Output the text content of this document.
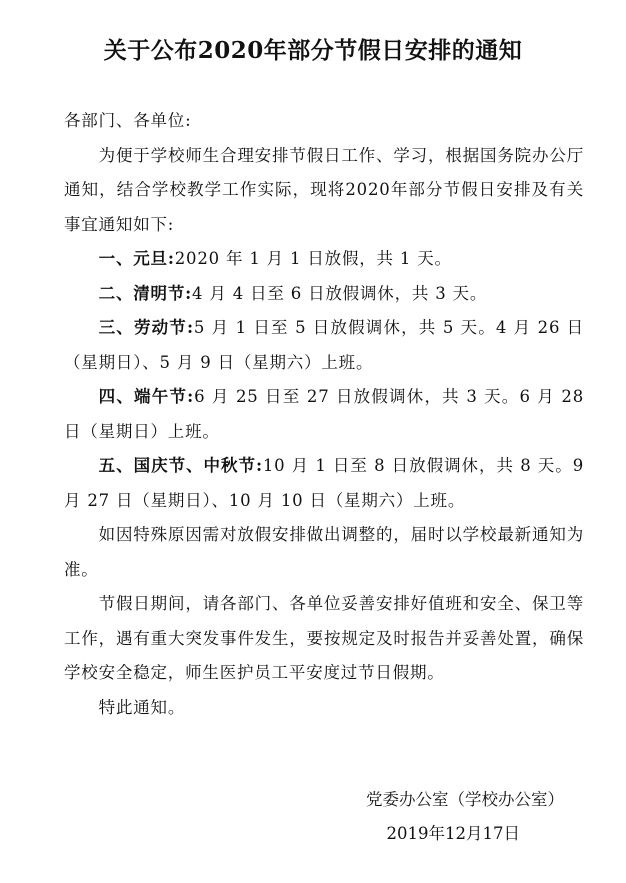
关于公布2020年部分节假日安排的通知

各部门、各单位:

为便于学校师生合理安排节假日工作、学习，根据国务院办公厅通知，结合学校教学工作实际，现将2020年部分节假日安排及有关事宜通知如下:

一、元旦:2020 年 1 月 1 日放假，共 1 天。

二、清明节:4 月 4 日至 6 日放假调休，共 3 天。

三、劳动节:5 月 1 日至 5 日放假调休，共 5 天。4 月 26 日（星期日）、5 月 9 日（星期六）上班。

四、端午节:6 月 25 日至 27 日放假调休，共 3 天。6 月 28 日（星期日）上班。

五、国庆节、中秋节:10 月 1 日至 8 日放假调休，共 8 天。9 月 27 日（星期日）、10 月 10 日（星期六）上班。

如因特殊原因需对放假安排做出调整的，届时以学校最新通知为准。

节假日期间，请各部门、各单位妥善安排好值班和安全、保卫等工作，遇有重大突发事件发生，要按规定及时报告并妥善处置，确保学校安全稳定，师生医护员工平安度过节日假期。

特此通知。

党委办公室（学校办公室）
2019年12月17日
